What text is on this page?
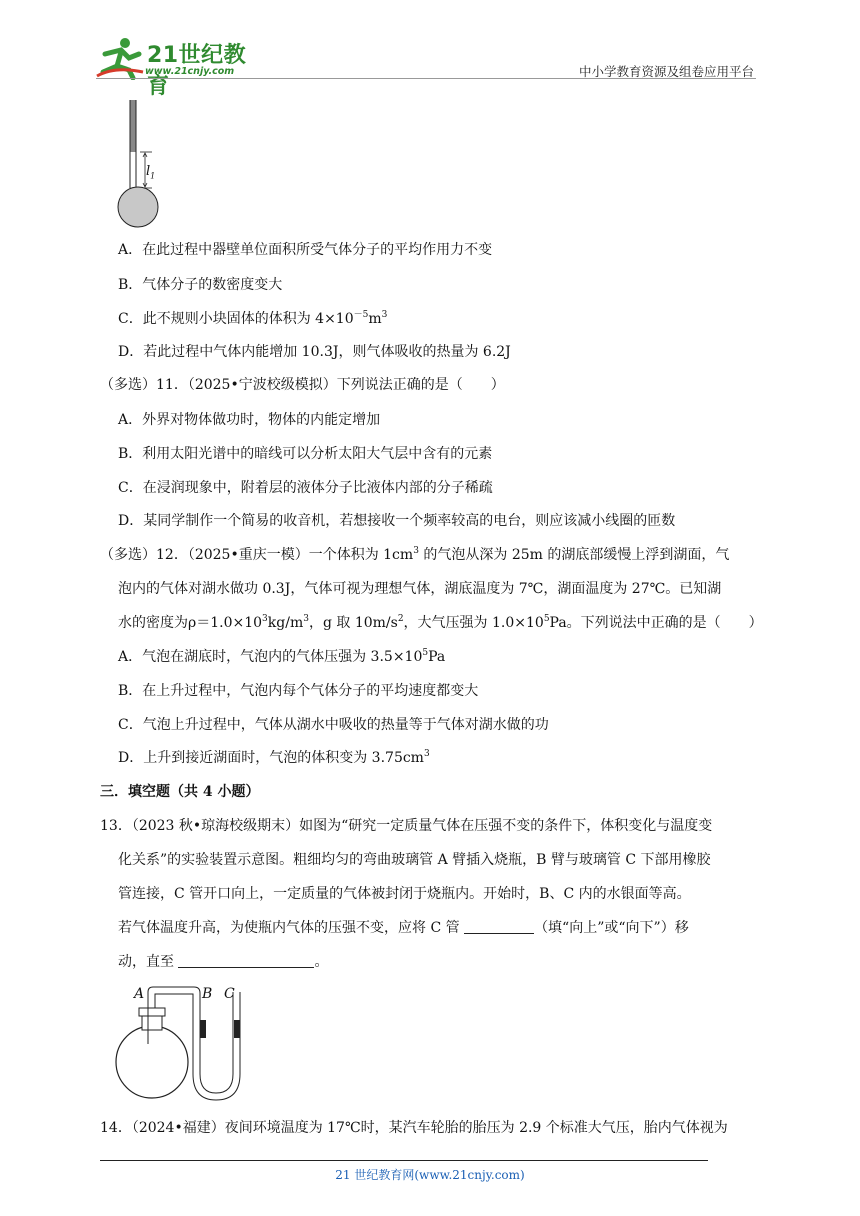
21世纪教育
www.21cnjy.com	中小学教育资源及组卷应用平台
$l_1$
A．在此过程中器壁单位面积所受气体分子的平均作用力不变
B．气体分子的数密度变大
C．此不规则小块固体的体积为 $4\times 10^{-5}m^3$
D．若此过程中气体内能增加 10.3J，则气体吸收的热量为 6.2J
（多选）11．（2025•宁波校级模拟）下列说法正确的是（　　）
A．外界对物体做功时，物体的内能定增加
B．利用太阳光谱中的暗线可以分析太阳大气层中含有的元素
C．在浸润现象中，附着层的液体分子比液体内部的分子稀疏
D．某同学制作一个简易的收音机，若想接收一个频率较高的电台，则应该减小线圈的匝数
（多选）12．（2025•重庆一模）一个体积为 $1cm^3$ 的气泡从深为 25m 的湖底部缓慢上浮到湖面，气
泡内的气体对湖水做功 0.3J，气体可视为理想气体，湖底温度为 7℃，湖面温度为 27℃。已知湖
水的密度为$\rho=1.0\times 10^3kg/m^3$，g 取 $10m/s^2$，大气压强为 $1.0\times 10^5Pa$。下列说法中正确的是（　　）
A．气泡在湖底时，气泡内的气体压强为 $3.5\times 10^5Pa$
B．在上升过程中，气泡内每个气体分子的平均速度都变大
C．气泡上升过程中，气体从湖水中吸收的热量等于气体对湖水做的功
D．上升到接近湖面时，气泡的体积变为 $3.75cm^3$
三．填空题（共 4 小题）
13．（2023 秋•琼海校级期末）如图为“研究一定质量气体在压强不变的条件下，体积变化与温度变
化关系”的实验装置示意图。粗细均匀的弯曲玻璃管 A 臂插入烧瓶，B 臂与玻璃管 C 下部用橡胶
管连接，C 管开口向上，一定质量的气体被封闭于烧瓶内。开始时，B、C 内的水银面等高。
若气体温度升高，为使瓶内气体的压强不变，应将 C 管	（填“向上”或“向下”）移
动，直至	。
A	B C
14．（2024•福建）夜间环境温度为 17℃时，某汽车轮胎的胎压为 2.9 个标准大气压，胎内气体视为
21 世纪教育网(www.21cnjy.com)
